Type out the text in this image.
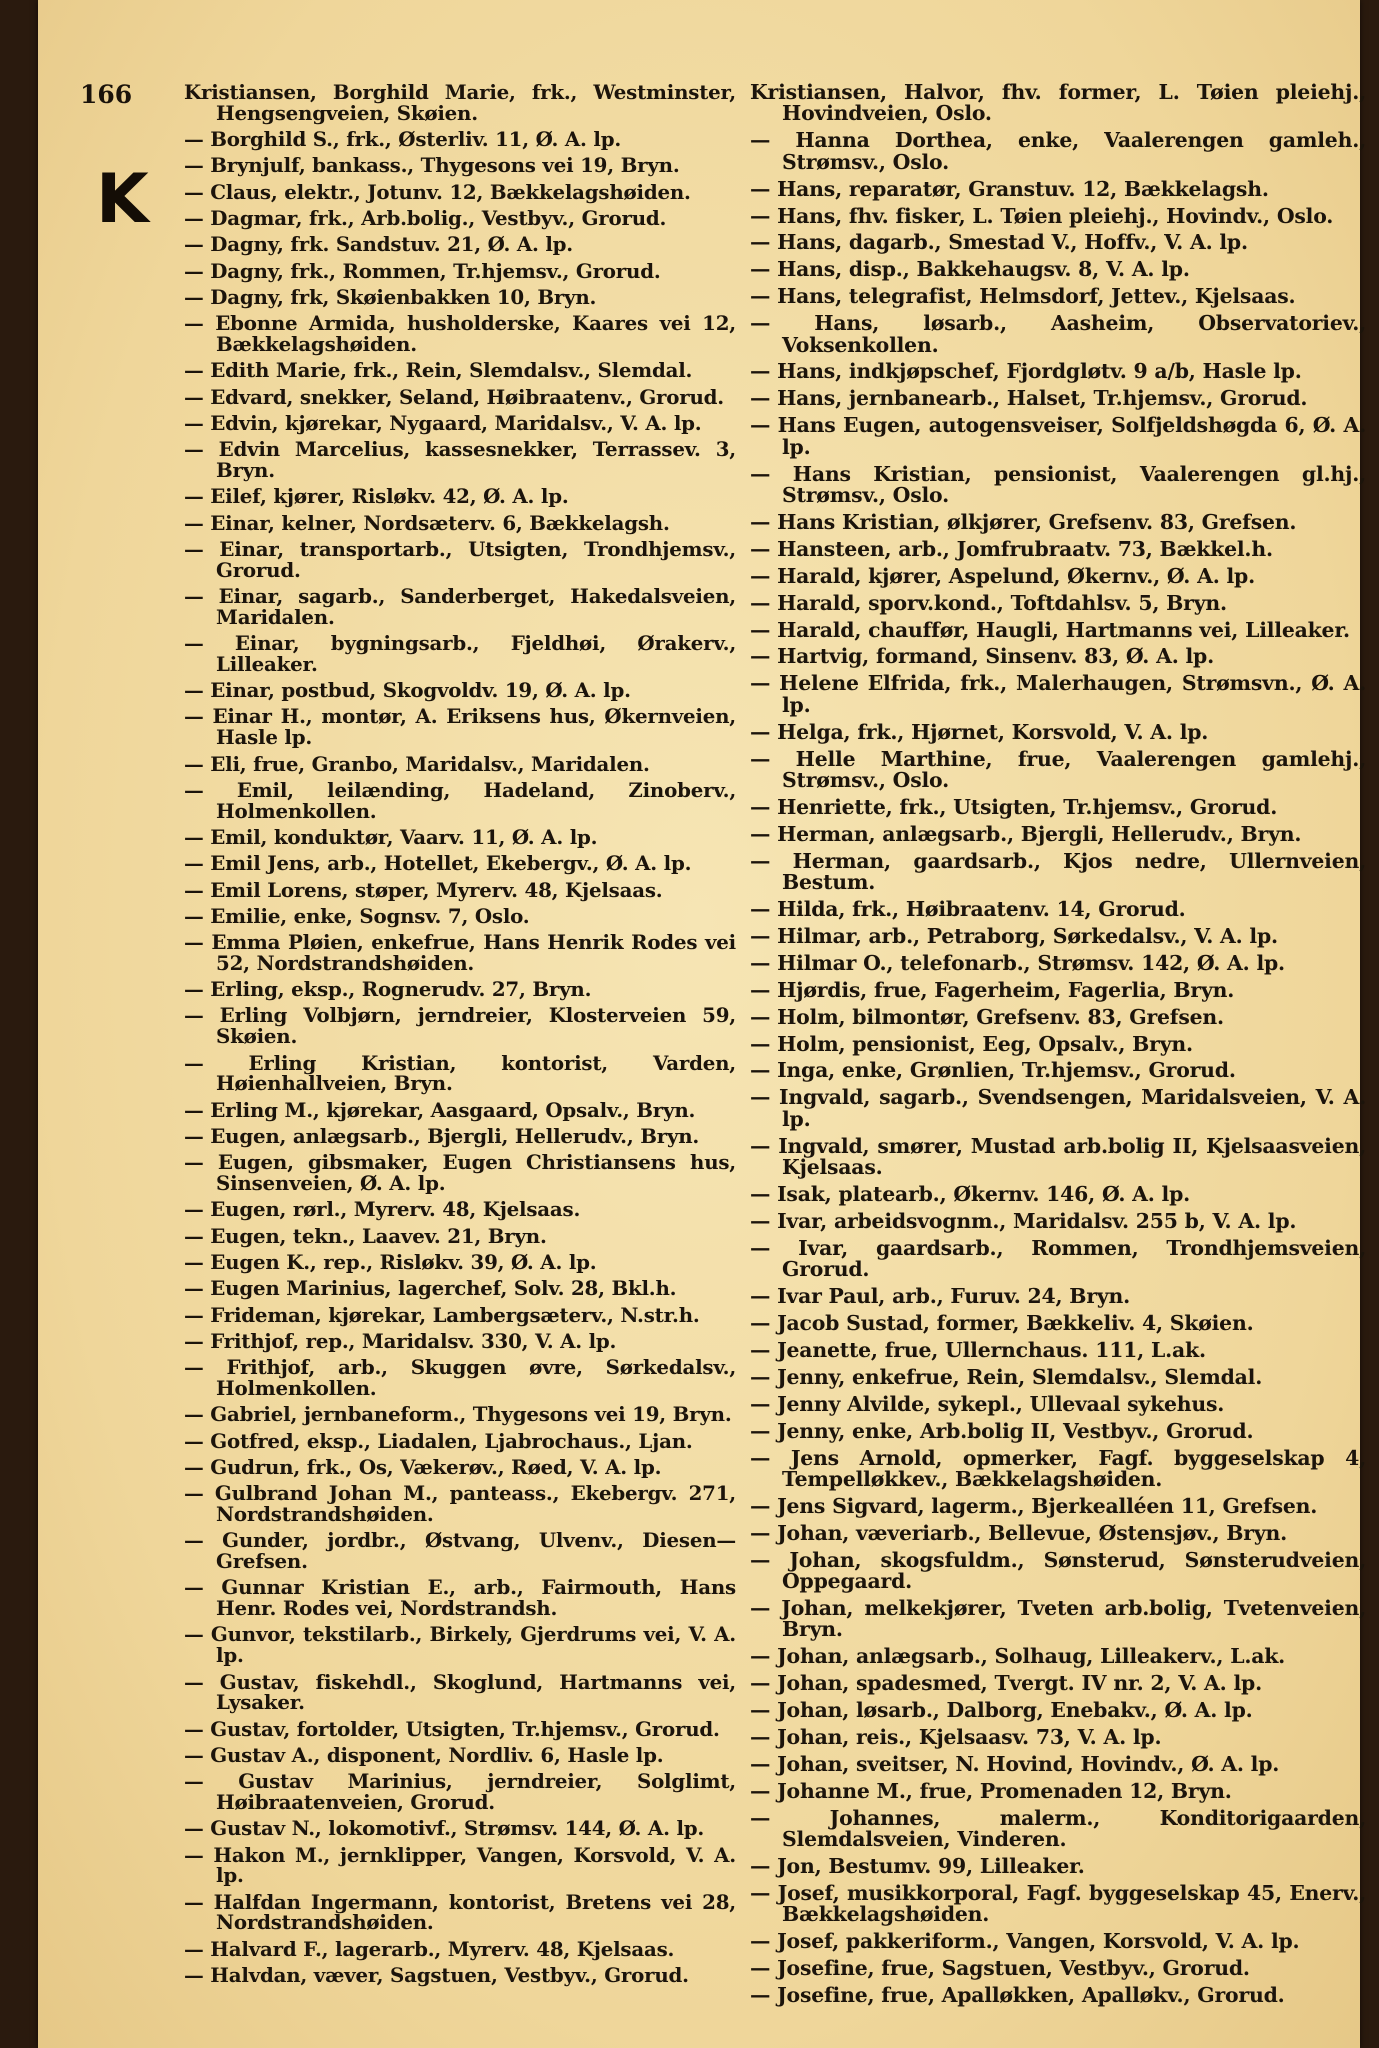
166
K

Kristiansen, Borghild Marie, frk., Westminster, Hengsengveien, Skøien.

— Borghild S., frk., Østerliv. 11, Ø. A. lp.

— Brynjulf, bankass., Thygesons vei 19, Bryn.

— Claus, elektr., Jotunv. 12, Bækkelagshøiden.

— Dagmar, frk., Arb.bolig., Vestbyv., Grorud.

— Dagny, frk. Sandstuv. 21, Ø. A. lp.

— Dagny, frk., Rommen, Tr.hjemsv., Grorud.

— Dagny, frk, Skøienbakken 10, Bryn.

— Ebonne Armida, husholderske, Kaares vei 12, Bækkelagshøiden.

— Edith Marie, frk., Rein, Slemdalsv., Slemdal.

— Edvard, snekker, Seland, Høibraatenv., Grorud.

— Edvin, kjørekar, Nygaard, Maridalsv., V. A. lp.

— Edvin Marcelius, kassesnekker, Terrassev. 3, Bryn.

— Eilef, kjører, Risløkv. 42, Ø. A. lp.

— Einar, kelner, Nordsæterv. 6, Bækkelagsh.

— Einar, transportarb., Utsigten, Trondhjemsv., Grorud.

— Einar, sagarb., Sanderberget, Hakedalsveien, Maridalen.

— Einar, bygningsarb., Fjeldhøi, Ørakerv., Lilleaker.

— Einar, postbud, Skogvoldv. 19, Ø. A. lp.

— Einar H., montør, A. Eriksens hus, Økernveien, Hasle lp.

— Eli, frue, Granbo, Maridalsv., Maridalen.

— Emil, leilænding, Hadeland, Zinoberv., Holmenkollen.

— Emil, konduktør, Vaarv. 11, Ø. A. lp.

— Emil Jens, arb., Hotellet, Ekebergv., Ø. A. lp.

— Emil Lorens, støper, Myrerv. 48, Kjelsaas.

— Emilie, enke, Sognsv. 7, Oslo.

— Emma Pløien, enkefrue, Hans Henrik Rodes vei 52, Nordstrandshøiden.

— Erling, eksp., Rognerudv. 27, Bryn.

— Erling Volbjørn, jerndreier, Klosterveien 59, Skøien.

— Erling Kristian, kontorist, Varden, Høienhallveien, Bryn.

— Erling M., kjørekar, Aasgaard, Opsalv., Bryn.

— Eugen, anlægsarb., Bjergli, Hellerudv., Bryn.

— Eugen, gibsmaker, Eugen Christiansens hus, Sinsenveien, Ø. A. lp.

— Eugen, rørl., Myrerv. 48, Kjelsaas.

— Eugen, tekn., Laavev. 21, Bryn.

— Eugen K., rep., Risløkv. 39, Ø. A. lp.

— Eugen Marinius, lagerchef, Solv. 28, Bkl.h.

— Frideman, kjørekar, Lambergsæterv., N.str.h.

— Frithjof, rep., Maridalsv. 330, V. A. lp.

— Frithjof, arb., Skuggen øvre, Sørkedalsv., Holmenkollen.

— Gabriel, jernbaneform., Thygesons vei 19, Bryn.

— Gotfred, eksp., Liadalen, Ljabrochaus., Ljan.

— Gudrun, frk., Os, Vækerøv., Røed, V. A. lp.

— Gulbrand Johan M., panteass., Ekebergv. 271, Nordstrandshøiden.

— Gunder, jordbr., Østvang, Ulvenv., Diesen—Grefsen.

— Gunnar Kristian E., arb., Fairmouth, Hans Henr. Rodes vei, Nordstrandsh.

— Gunvor, tekstilarb., Birkely, Gjerdrums vei, V. A. lp.

— Gustav, fiskehdl., Skoglund, Hartmanns vei, Lysaker.

— Gustav, fortolder, Utsigten, Tr.hjemsv., Grorud.

— Gustav A., disponent, Nordliv. 6, Hasle lp.

— Gustav Marinius, jerndreier, Solglimt, Høibraatenveien, Grorud.

— Gustav N., lokomotivf., Strømsv. 144, Ø. A. lp.

— Hakon M., jernklipper, Vangen, Korsvold, V. A. lp.

— Halfdan Ingermann, kontorist, Bretens vei 28, Nordstrandshøiden.

— Halvard F., lagerarb., Myrerv. 48, Kjelsaas.

— Halvdan, væver, Sagstuen, Vestbyv., Grorud.

Kristiansen, Halvor, fhv. former, L. Tøien pleiehj., Hovindveien, Oslo.

— Hanna Dorthea, enke, Vaalerengen gamleh., Strømsv., Oslo.

— Hans, reparatør, Granstuv. 12, Bækkelagsh.

— Hans, fhv. fisker, L. Tøien pleiehj., Hovindv., Oslo.

— Hans, dagarb., Smestad V., Hoffv., V. A. lp.

— Hans, disp., Bakkehaugsv. 8, V. A. lp.

— Hans, telegrafist, Helmsdorf, Jettev., Kjelsaas.

— Hans, løsarb., Aasheim, Observatoriev., Voksenkollen.

— Hans, indkjøpschef, Fjordgløtv. 9 a/b, Hasle lp.

— Hans, jernbanearb., Halset, Tr.hjemsv., Grorud.

— Hans Eugen, autogensveiser, Solfjeldshøgda 6, Ø. A. lp.

— Hans Kristian, pensionist, Vaalerengen gl.hj., Strømsv., Oslo.

— Hans Kristian, ølkjører, Grefsenv. 83, Grefsen.

— Hansteen, arb., Jomfrubraatv. 73, Bækkel.h.

— Harald, kjører, Aspelund, Økernv., Ø. A. lp.

— Harald, sporv.kond., Toftdahlsv. 5, Bryn.

— Harald, chauffør, Haugli, Hartmanns vei, Lilleaker.

— Hartvig, formand, Sinsenv. 83, Ø. A. lp.

— Helene Elfrida, frk., Malerhaugen, Strømsvn., Ø. A. lp.

— Helga, frk., Hjørnet, Korsvold, V. A. lp.

— Helle Marthine, frue, Vaalerengen gamlehj., Strømsv., Oslo.

— Henriette, frk., Utsigten, Tr.hjemsv., Grorud.

— Herman, anlægsarb., Bjergli, Hellerudv., Bryn.

— Herman, gaardsarb., Kjos nedre, Ullernveien, Bestum.

— Hilda, frk., Høibraatenv. 14, Grorud.

— Hilmar, arb., Petraborg, Sørkedalsv., V. A. lp.

— Hilmar O., telefonarb., Strømsv. 142, Ø. A. lp.

— Hjørdis, frue, Fagerheim, Fagerlia, Bryn.

— Holm, bilmontør, Grefsenv. 83, Grefsen.

— Holm, pensionist, Eeg, Opsalv., Bryn.

— Inga, enke, Grønlien, Tr.hjemsv., Grorud.

— Ingvald, sagarb., Svendsengen, Maridalsveien, V. A. lp.

— Ingvald, smører, Mustad arb.bolig II, Kjelsaasveien, Kjelsaas.

— Isak, platearb., Økernv. 146, Ø. A. lp.

— Ivar, arbeidsvognm., Maridalsv. 255 b, V. A. lp.

— Ivar, gaardsarb., Rommen, Trondhjemsveien, Grorud.

— Ivar Paul, arb., Furuv. 24, Bryn.

— Jacob Sustad, former, Bækkeliv. 4, Skøien.

— Jeanette, frue, Ullernchaus. 111, L.ak.

— Jenny, enkefrue, Rein, Slemdalsv., Slemdal.

— Jenny Alvilde, sykepl., Ullevaal sykehus.

— Jenny, enke, Arb.bolig II, Vestbyv., Grorud.

— Jens Arnold, opmerker, Fagf. byggeselskap 4, Tempelløkkev., Bækkelagshøiden.

— Jens Sigvard, lagerm., Bjerkealléen 11, Grefsen.

— Johan, væveriarb., Bellevue, Østensjøv., Bryn.

— Johan, skogsfuldm., Sønsterud, Sønsterudveien, Oppegaard.

— Johan, melkekjører, Tveten arb.bolig, Tvetenveien, Bryn.

— Johan, anlægsarb., Solhaug, Lilleakerv., L.ak.

— Johan, spadesmed, Tvergt. IV nr. 2, V. A. lp.

— Johan, løsarb., Dalborg, Enebakv., Ø. A. lp.

— Johan, reis., Kjelsaasv. 73, V. A. lp.

— Johan, sveitser, N. Hovind, Hovindv., Ø. A. lp.

— Johanne M., frue, Promenaden 12, Bryn.

— Johannes, malerm., Konditorigaarden, Slemdalsveien, Vinderen.

— Jon, Bestumv. 99, Lilleaker.

— Josef, musikkorporal, Fagf. byggeselskap 45, Enerv., Bækkelagshøiden.

— Josef, pakkeriform., Vangen, Korsvold, V. A. lp.

— Josefine, frue, Sagstuen, Vestbyv., Grorud.

— Josefine, frue, Apalløkken, Apalløkv., Grorud.
